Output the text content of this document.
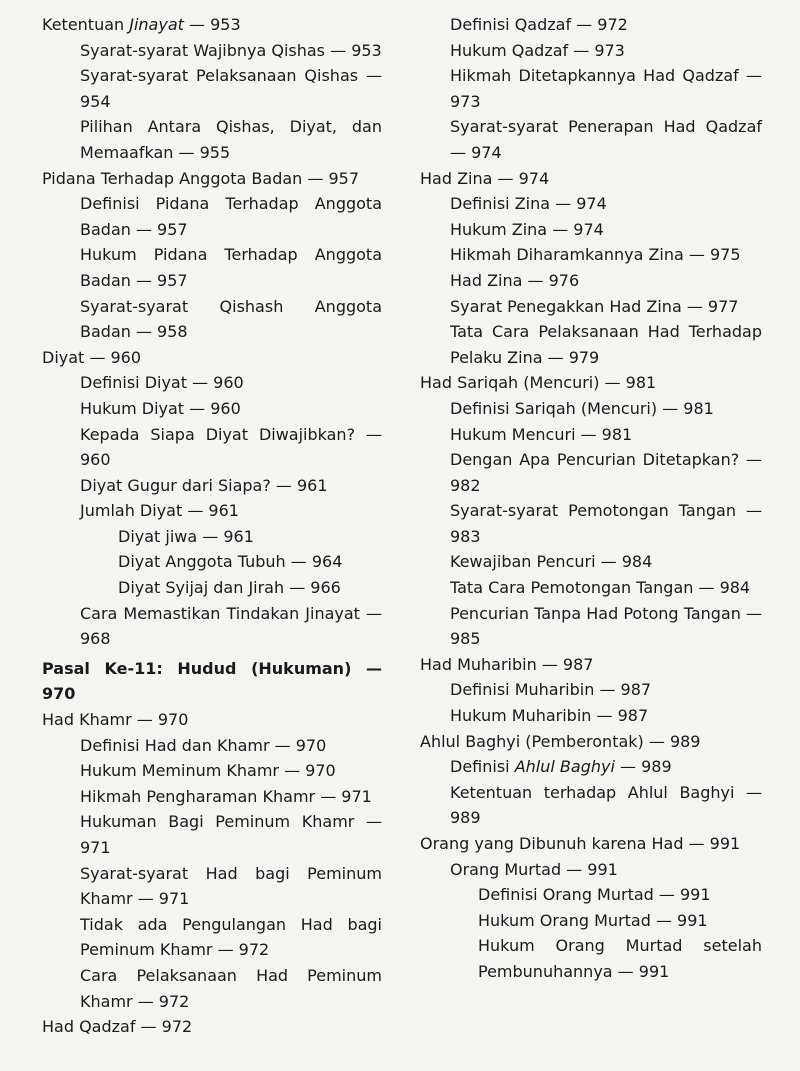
Ketentuan Jinayat — 953

Syarat-syarat Wajibnya Qishas — 953

Syarat-syarat Pelaksanaan Qishas — 954

Pilihan Antara Qishas, Diyat, dan Memaafkan — 955

Pidana Terhadap Anggota Badan — 957

Definisi Pidana Terhadap Anggota Badan — 957

Hukum Pidana Terhadap Anggota Badan — 957

Syarat-syarat Qishash Anggota Badan — 958

Diyat — 960

Definisi Diyat — 960

Hukum Diyat — 960

Kepada Siapa Diyat Diwajibkan? — 960

Diyat Gugur dari Siapa? — 961

Jumlah Diyat — 961

Diyat jiwa — 961

Diyat Anggota Tubuh — 964

Diyat Syijaj dan Jirah — 966

Cara Memastikan Tindakan Jinayat — 968

Pasal Ke-11: Hudud (Hukuman) — 970

Had Khamr — 970

Definisi Had dan Khamr — 970

Hukum Meminum Khamr — 970

Hikmah Pengharaman Khamr — 971

Hukuman Bagi Peminum Khamr — 971

Syarat-syarat Had bagi Peminum Khamr — 971

Tidak ada Pengulangan Had bagi Peminum Khamr — 972

Cara Pelaksanaan Had Peminum Khamr — 972

Had Qadzaf — 972

Definisi Qadzaf — 972

Hukum Qadzaf — 973

Hikmah Ditetapkannya Had Qadzaf — 973

Syarat-syarat Penerapan Had Qadzaf — 974

Had Zina — 974

Definisi Zina — 974

Hukum Zina — 974

Hikmah Diharamkannya Zina — 975

Had Zina — 976

Syarat Penegakkan Had Zina — 977

Tata Cara Pelaksanaan Had Terhadap Pelaku Zina — 979

Had Sariqah (Mencuri) — 981

Definisi Sariqah (Mencuri) — 981

Hukum Mencuri — 981

Dengan Apa Pencurian Ditetapkan? — 982

Syarat-syarat Pemotongan Tangan — 983

Kewajiban Pencuri — 984

Tata Cara Pemotongan Tangan — 984

Pencurian Tanpa Had Potong Tangan — 985

Had Muharibin — 987

Definisi Muharibin — 987

Hukum Muharibin — 987

Ahlul Baghyi (Pemberontak) — 989

Definisi Ahlul Baghyi — 989

Ketentuan terhadap Ahlul Baghyi — 989

Orang yang Dibunuh karena Had — 991

Orang Murtad — 991

Definisi Orang Murtad — 991

Hukum Orang Murtad — 991

Hukum Orang Murtad setelah Pembunuhannya — 991
